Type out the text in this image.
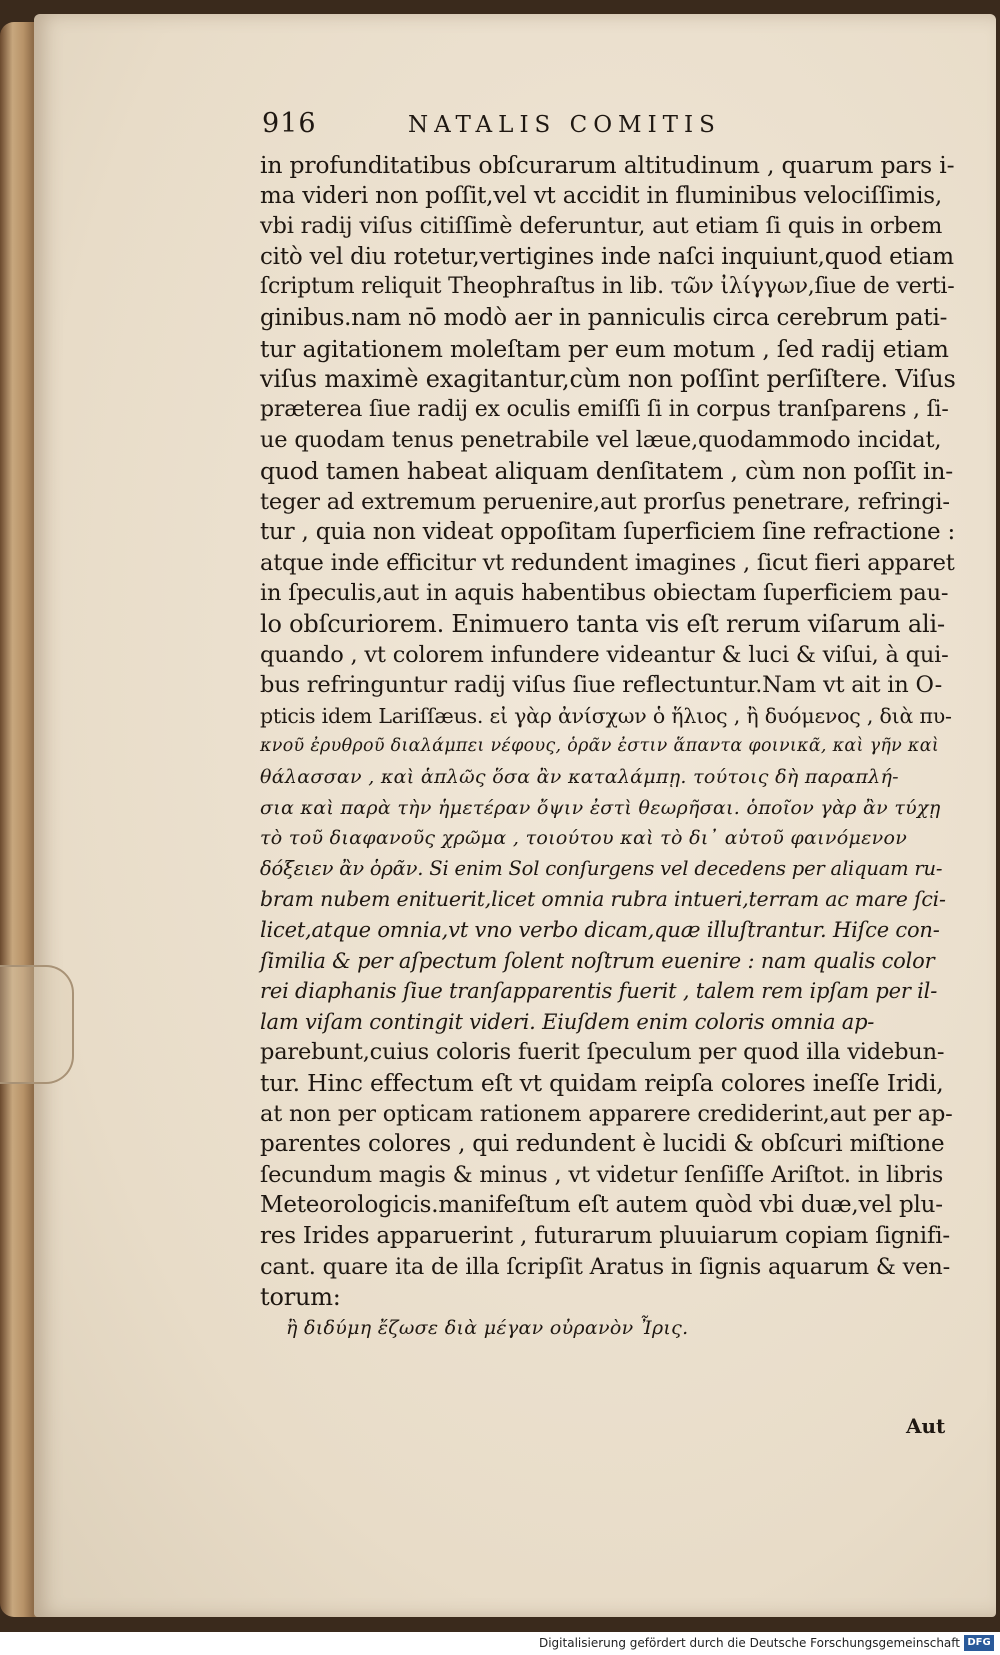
916	NATALIS COMITIS
in profunditatibus obſcurarum altitudinum , quarum pars i-
ma videri non poſſit,vel vt accidit in fluminibus velociſſimis,
vbi radij viſus citiſſimè deferuntur, aut etiam ſi quis in orbem
citò vel diu rotetur,vertigines inde naſci inquiunt,quod etiam
ſcriptum reliquit Theophraſtus in lib. τῶν ἰλίγγων,ſiue de verti-
ginibus.nam nō modò aer in panniculis circa cerebrum pati-
tur agitationem moleſtam per eum motum , ſed radij etiam
viſus maximè exagitantur,cùm non poſſint perſiſtere. Viſus
præterea ſiue radij ex oculis emiſſi ſi in corpus tranſparens , ſi-
ue quodam tenus penetrabile vel læue,quodammodo incidat,
quod tamen habeat aliquam denſitatem , cùm non poſſit in-
teger ad extremum peruenire,aut prorſus penetrare, refringi-
tur , quia non videat oppoſitam ſuperficiem ſine refractione :
atque inde efficitur vt redundent imagines , ſicut fieri apparet
in ſpeculis,aut in aquis habentibus obiectam ſuperficiem pau-
lo obſcuriorem. Enimuero tanta vis eſt rerum viſarum ali-
quando , vt colorem infundere videantur & luci & viſui, à qui-
bus refringuntur radij viſus ſiue reflectuntur.Nam vt ait in O-
pticis idem Lariſſæus. εἰ γὰρ ἀνίσχων ὁ ἥλιος , ἢ δυόμενος , διὰ πυ-
κνοῦ ἐρυθροῦ διαλάμπει νέφους, ὁρᾶν ἐστιν ἅπαντα φοινικᾶ, καὶ γῆν καὶ
θάλασσαν , καὶ ἁπλῶς ὅσα ἂν καταλάμπῃ. τούτοις δὴ παραπλή-
σια καὶ παρὰ τὴν ἡμετέραν ὄψιν ἐστὶ θεωρῆσαι. ὁποῖον γὰρ ἂν τύχῃ
τὸ τοῦ διαφανοῦς χρῶμα , τοιούτου καὶ τὸ δι᾽ αὐτοῦ φαινόμενον
δόξειεν ἂν ὁρᾶν. Si enim Sol conſurgens vel decedens per aliquam ru-
bram nubem enituerit,licet omnia rubra intueri,terram ac mare ſci-
licet,atque omnia,vt vno verbo dicam,quæ illuſtrantur. Hiſce con-
ſimilia & per aſpectum ſolent noſtrum euenire : nam qualis color
rei diaphanis ſiue tranſapparentis fuerit , talem rem ipſam per il-
lam viſam contingit videri. Eiuſdem enim coloris omnia ap-
parebunt,cuius coloris fuerit ſpeculum per quod illa videbun-
tur. Hinc effectum eſt vt quidam reipſa colores ineſſe Iridi,
at non per opticam rationem apparere crediderint,aut per ap-
parentes colores , qui redundent è lucidi & obſcuri miſtione
ſecundum magis & minus , vt videtur ſenſiſſe Ariſtot. in libris
Meteorologicis.manifeſtum eſt autem quòd vbi duæ,vel plu-
res Irides apparuerint , futurarum pluuiarum copiam ſignifi-
cant. quare ita de illa ſcripſit Aratus in ſignis aquarum & ven-
torum:
ἢ διδύμη ἔζωσε διὰ μέγαν οὐρανὸν Ἶρις.
Aut
Digitalisierung gefördert durch die Deutsche Forschungsgemeinschaft DFG
